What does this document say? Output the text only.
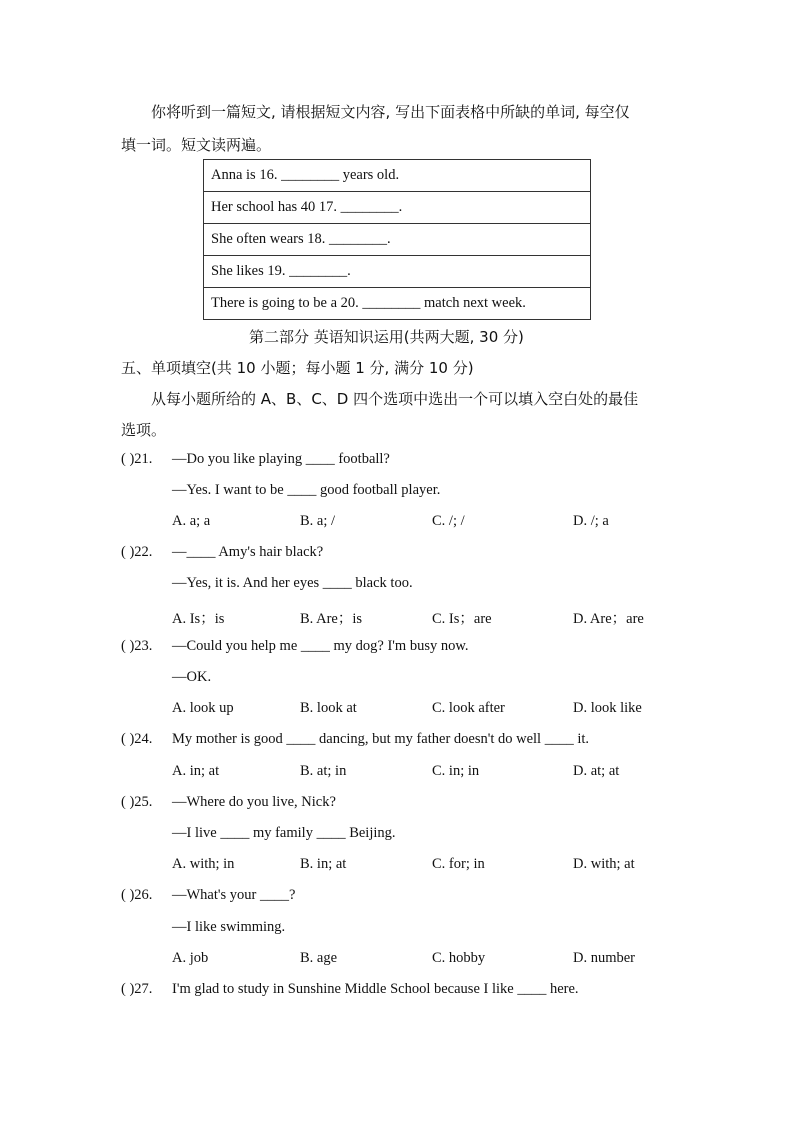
你将听到一篇短文, 请根据短文内容, 写出下面表格中所缺的单词, 每空仅
填一词。短文读两遍。
Anna is 16. ________ years old.
Her school has 40 17. ________.
She often wears 18. ________.
She likes 19. ________.
There is going to be a 20. ________ match next week.
第二部分 英语知识运用(共两大题, 30 分)
五、单项填空(共 10 小题；每小题 1 分, 满分 10 分)
从每小题所给的 A、B、C、D 四个选项中选出一个可以填入空白处的最佳
选项。
( )21. —Do you like playing ____ football?
—Yes. I want to be ____ good football player.
A. a; a	B. a; /	C. /; /	D. /; a
( )22. —____ Amy's hair black?
—Yes, it is. And her eyes ____ black too.
A. Is；is	B. Are；is	C. Is；are	D. Are；are
( )23. —Could you help me ____ my dog? I'm busy now.
—OK.
A. look up	B. look at	C. look after	D. look like
( )24. My mother is good ____ dancing, but my father doesn't do well ____ it.
A. in; at	B. at; in	C. in; in	D. at; at
( )25. —Where do you live, Nick?
—I live ____ my family ____ Beijing.
A. with; in	B. in; at	C. for; in	D. with; at
( )26. —What's your ____?
—I like swimming.
A. job	B. age	C. hobby	D. number
( )27. I'm glad to study in Sunshine Middle School because I like ____ here.
